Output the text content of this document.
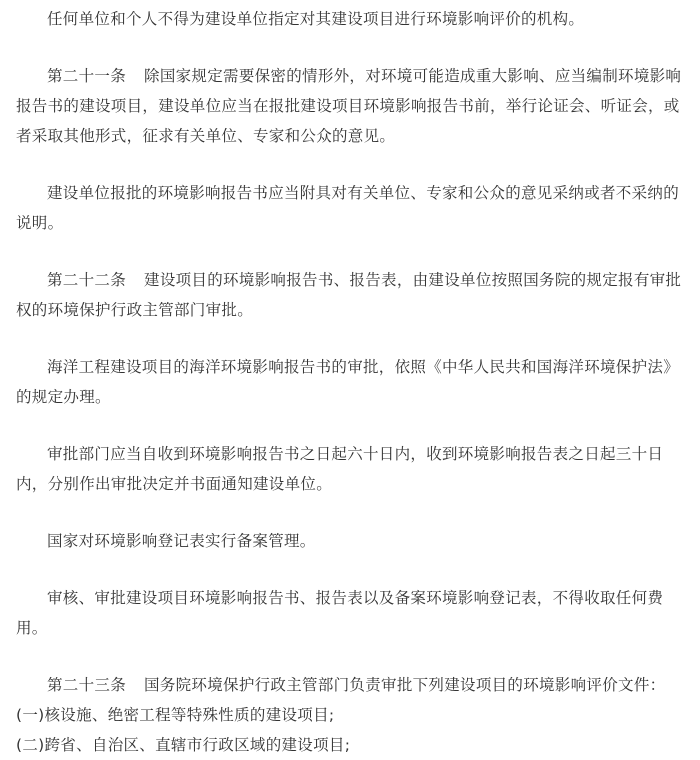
任何单位和个人不得为建设单位指定对其建设项目进行环境影响评价的机构。

第二十一条 除国家规定需要保密的情形外，对环境可能造成重大影响、应当编制环境影响报告书的建设项目，建设单位应当在报批建设项目环境影响报告书前，举行论证会、听证会，或者采取其他形式，征求有关单位、专家和公众的意见。

建设单位报批的环境影响报告书应当附具对有关单位、专家和公众的意见采纳或者不采纳的说明。

第二十二条 建设项目的环境影响报告书、报告表，由建设单位按照国务院的规定报有审批权的环境保护行政主管部门审批。

海洋工程建设项目的海洋环境影响报告书的审批，依照《中华人民共和国海洋环境保护法》的规定办理。

审批部门应当自收到环境影响报告书之日起六十日内，收到环境影响报告表之日起三十日内，分别作出审批决定并书面通知建设单位。

国家对环境影响登记表实行备案管理。

审核、审批建设项目环境影响报告书、报告表以及备案环境影响登记表，不得收取任何费用。

第二十三条 国务院环境保护行政主管部门负责审批下列建设项目的环境影响评价文件：

(一)核设施、绝密工程等特殊性质的建设项目;

(二)跨省、自治区、直辖市行政区域的建设项目;
